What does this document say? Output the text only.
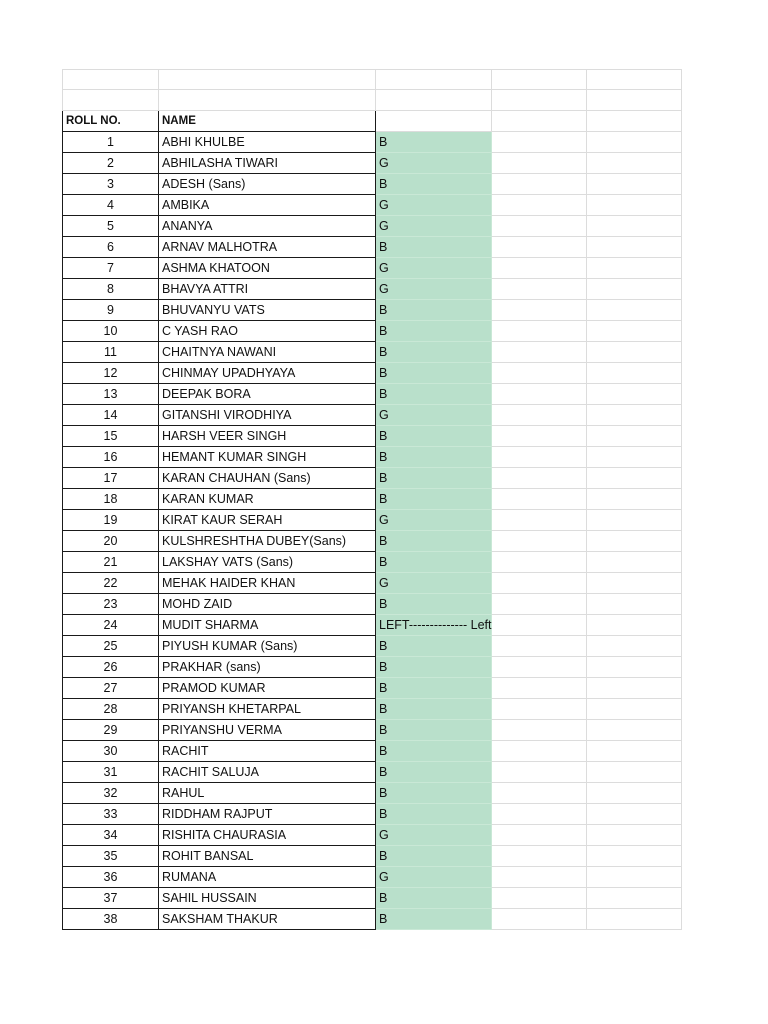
ROLL NO.	NAME			
1	ABHI KHULBE	B		
2	ABHILASHA TIWARI	G		
3	ADESH (Sans)	B		
4	AMBIKA	G		
5	ANANYA	G		
6	ARNAV MALHOTRA	B		
7	ASHMA KHATOON	G		
8	BHAVYA ATTRI	G		
9	BHUVANYU VATS	B		
10	C YASH RAO	B		
11	CHAITNYA NAWANI	B		
12	CHINMAY UPADHYAYA	B		
13	DEEPAK BORA	B		
14	GITANSHI VIRODHIYA	G		
15	HARSH VEER SINGH	B		
16	HEMANT KUMAR SINGH	B		
17	KARAN CHAUHAN (Sans)	B		
18	KARAN KUMAR	B		
19	KIRAT KAUR SERAH	G		
20	KULSHRESHTHA DUBEY(Sans)	B		
21	LAKSHAY VATS (Sans)	B		
22	MEHAK HAIDER KHAN	G		
23	MOHD ZAID	B		
24	MUDIT SHARMA	LEFT-------------- Left		
25	PIYUSH KUMAR (Sans)	B		
26	PRAKHAR (sans)	B		
27	PRAMOD KUMAR	B		
28	PRIYANSH KHETARPAL	B		
29	PRIYANSHU VERMA	B		
30	RACHIT	B		
31	RACHIT SALUJA	B		
32	RAHUL	B		
33	RIDDHAM RAJPUT	B		
34	RISHITA CHAURASIA	G		
35	ROHIT BANSAL	B		
36	RUMANA	G		
37	SAHIL HUSSAIN	B		
38	SAKSHAM THAKUR	B		
